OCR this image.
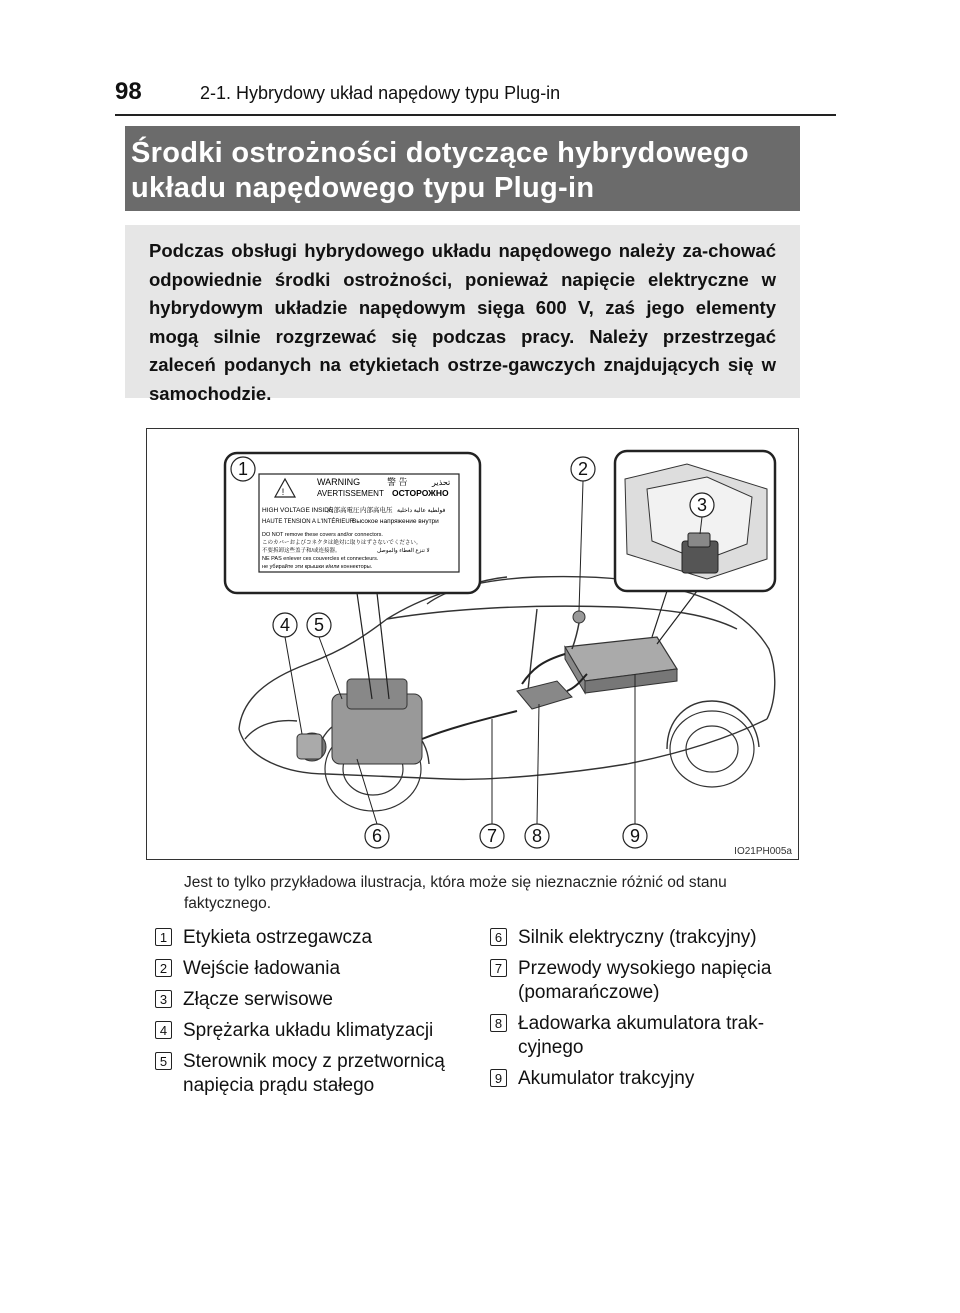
98	2-1. Hybrydowy układ napędowy typu Plug-in
Środki ostrożności dotyczące hybrydowego
układu napędowego typu Plug-in
Podczas obsługi hybrydowego układu napędowego należy za-chować odpowiednie środki ostrożności, ponieważ napięcie elektryczne w hybrydowym układzie napędowym sięga 600 V, zaś jego elementy mogą silnie rozgrzewać się podczas pracy. Należy przestrzegać zaleceń podanych na etykietach ostrze-gawczych znajdujących się w samochodzie.
!
WARNING	警 告	تحذير
AVERTISSEMENT ОСТОРОЖНО
HIGH VOLTAGE INSIDE
内部高電圧 内部高电压 فولطية عالية داخلية
HAUTE TENSION A L'INTÉRIEUR
Высокое напряжение внутри
DO NOT remove these covers and/or connectors.
このカバーおよびコネクタは絶対に取りはずさないでください。
不要拆卸这些盖子和/或连接器。	لا تنزع الغطاء والموصل
NE PAS enlever ces couvercles et connecteurs.
не убирайте эти крышки и/или коннекторы.
1	2
3
4 5
6	7 8	9
IO21PH005a
Jest to tylko przykładowa ilustracja, która może się nieznacznie różnić od stanu faktycznego.
1 Etykieta ostrzegawcza
2 Wejście ładowania
3 Złącze serwisowe
4 Sprężarka układu klimatyzacji
5 Sterownik mocy z przetwornicą napięcia prądu stałego
6 Silnik elektryczny (trakcyjny)
7 Przewody wysokiego napięcia (pomarańczowe)
8 Ładowarka akumulatora trak-cyjnego
9 Akumulator trakcyjny
